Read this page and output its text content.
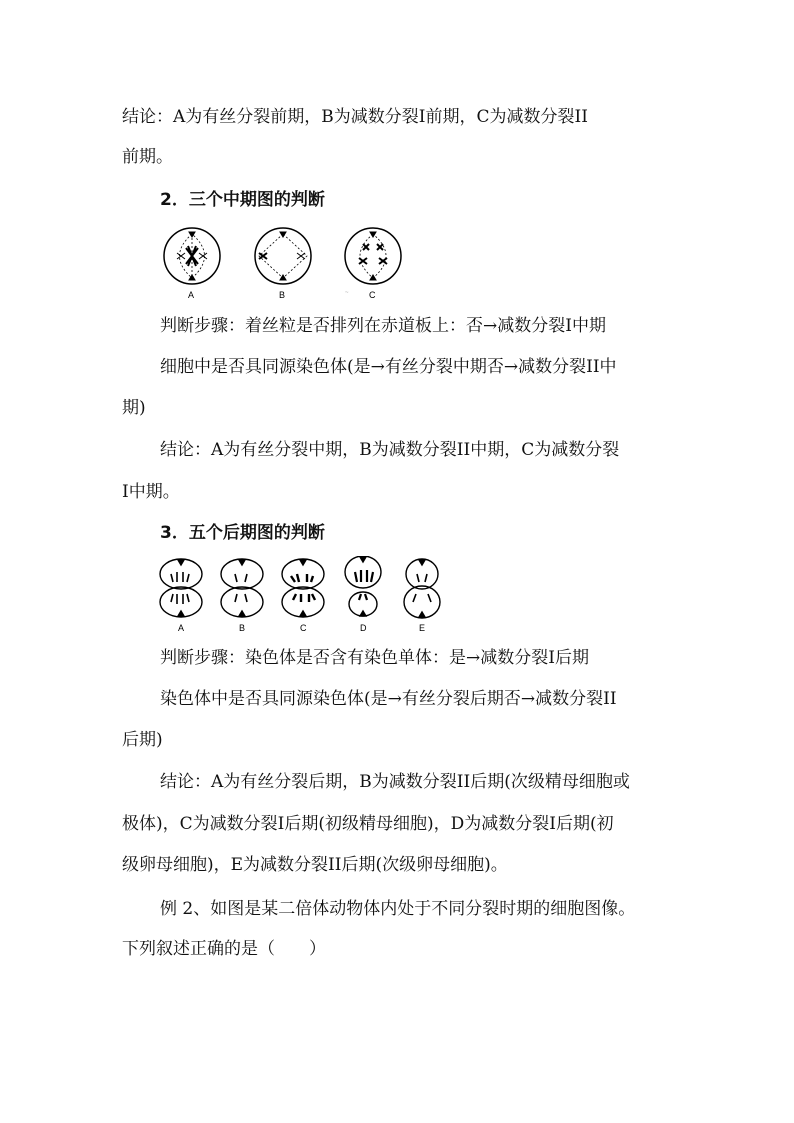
结论：A为有丝分裂前期，B为减数分裂Ⅰ前期，C为减数分裂II
前期。
2．三个中期图的判断
A	B	C
~
判断步骤：着丝粒是否排列在赤道板上：否→减数分裂Ⅰ中期
细胞中是否具同源染色体(是→有丝分裂中期否→减数分裂II中
期)
结论：A为有丝分裂中期，B为减数分裂II中期，C为减数分裂
Ⅰ中期。
3．五个后期图的判断
A	B	C	D	E
判断步骤：染色体是否含有染色单体：是→减数分裂Ⅰ后期
染色体中是否具同源染色体(是→有丝分裂后期否→减数分裂II
后期)
结论：A为有丝分裂后期，B为减数分裂II后期(次级精母细胞或
极体)，C为减数分裂Ⅰ后期(初级精母细胞)，D为减数分裂Ⅰ后期(初
级卵母细胞)，E为减数分裂II后期(次级卵母细胞)。
例 2、如图是某二倍体动物体内处于不同分裂时期的细胞图像。
下列叙述正确的是（　　）
